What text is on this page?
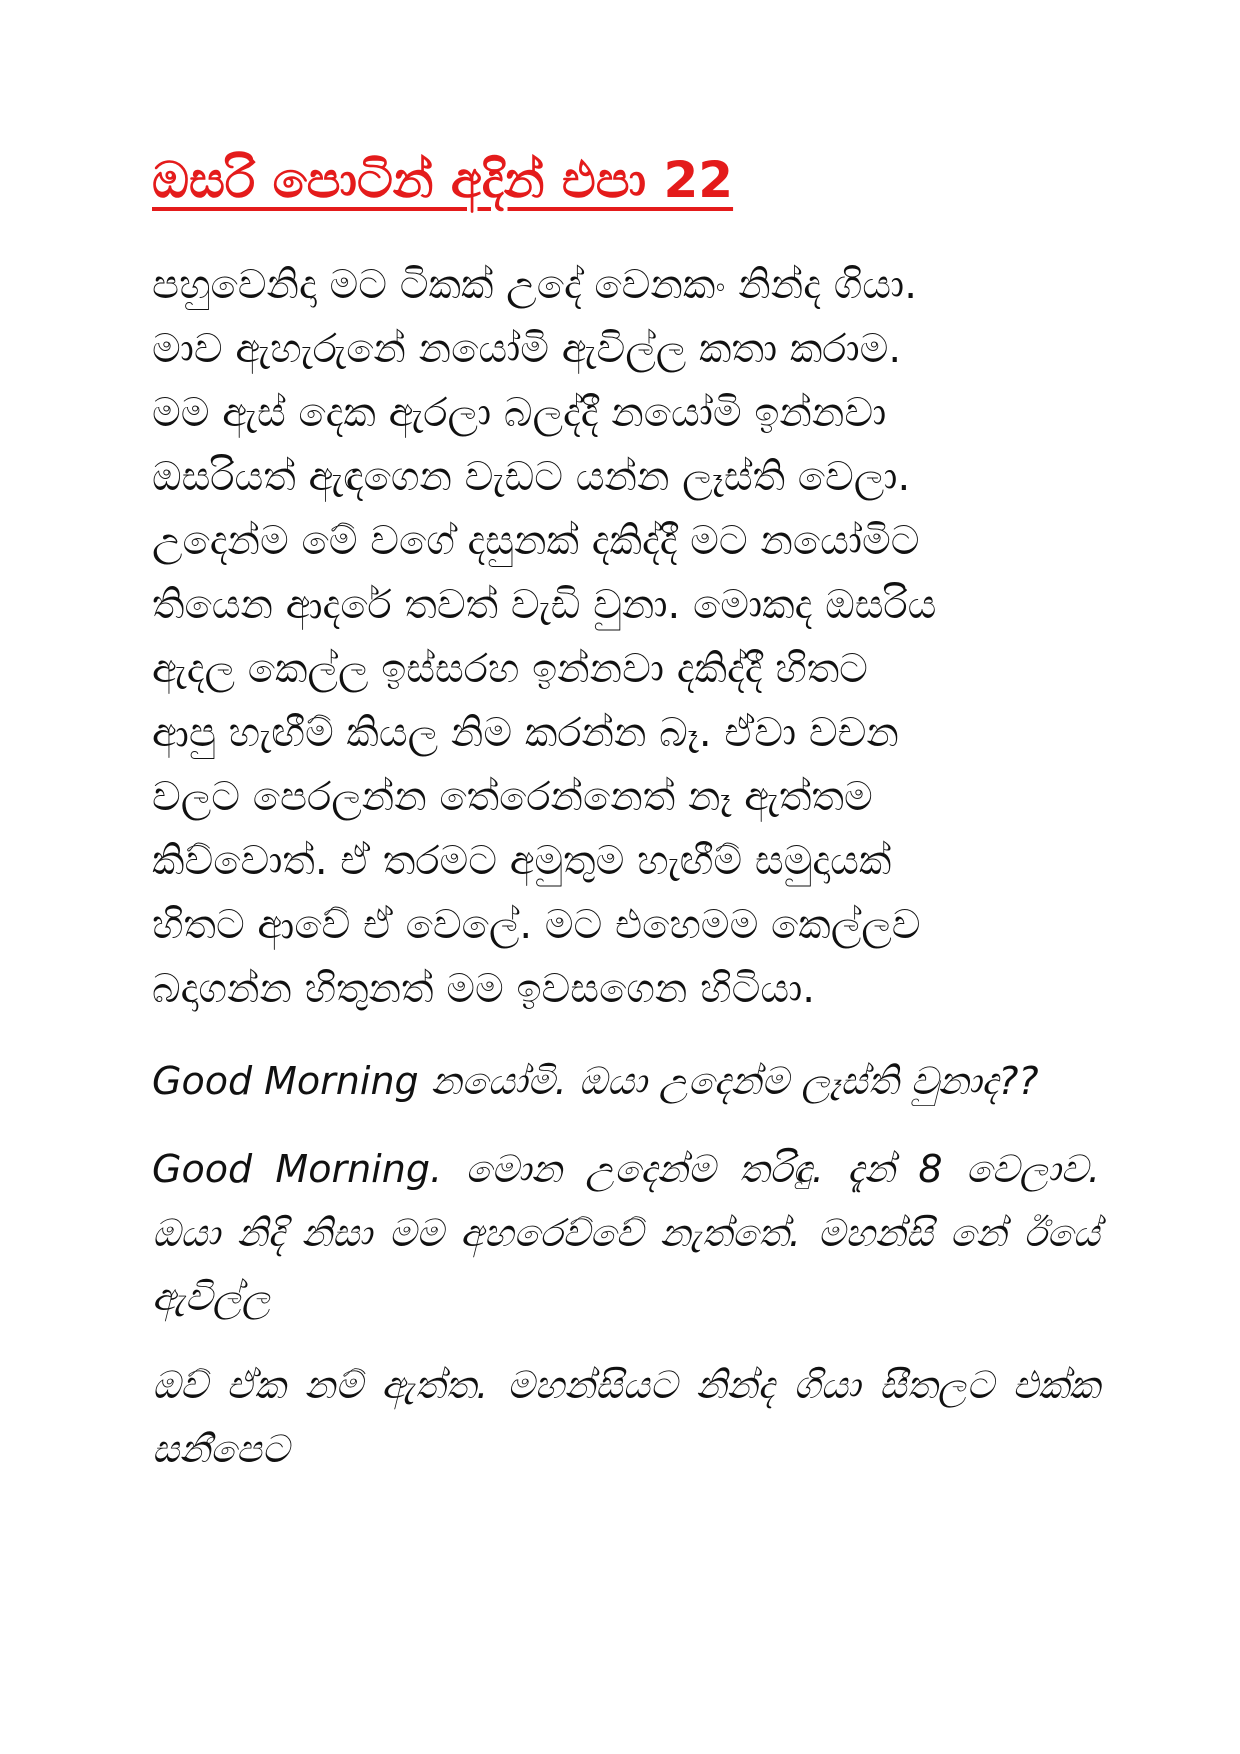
ඔසරි පොටින් අදින් එපා 22

පහුවෙනිදා මට ටිකක් උදේ වෙනකං නින්ද ගියා.
මාව ඇහැරුනේ නයෝමි ඇවිල්ල කතා කරාම.
මම ඇස් දෙක ඇරලා බලද්දී නයෝමි ඉන්නවා
ඔසරියත් ඇඳගෙන වැඩට යන්න ලෑස්ති වෙලා.
උදෙන්ම මේ වගේ දසුනක් දකිද්දී මට නයෝමිට
තියෙන ආදරේ තවත් වැඩි වුනා. මොකද ඔසරිය
ඇදල කෙල්ල ඉස්සරහ ඉන්නවා දකිද්දී හිතට
ආපු හැඟීම් කියල නිම කරන්න බෑ. ඒවා වචන
වලට පෙරලන්න තේරෙන්නෙත් නෑ ඇත්තම
කිව්වොත්. ඒ තරමට අමුතුම හැඟීම් සමුදායක්
හිතට ආවේ ඒ වෙලේ. මට එහෙමම කෙල්ලව
බදාගන්න හිතුනත් මම ඉවසගෙන හිටියා.

Good Morning නයෝමි. ඔයා උදෙන්ම ලෑස්ති වුනාද??

Good Morning. මොන උදෙන්ම තරිඳු. දැන් 8 වෙලාව. ඔයා නිදි නිසා මම අහරෙව්වේ නැත්තේ. මහන්සි නේ ඊයේ ඇවිල්ල

ඔව් ඒක නම් ඇත්ත. මහන්සියට නින්ද ගියා සීතලට එක්ක සනීපෙට
